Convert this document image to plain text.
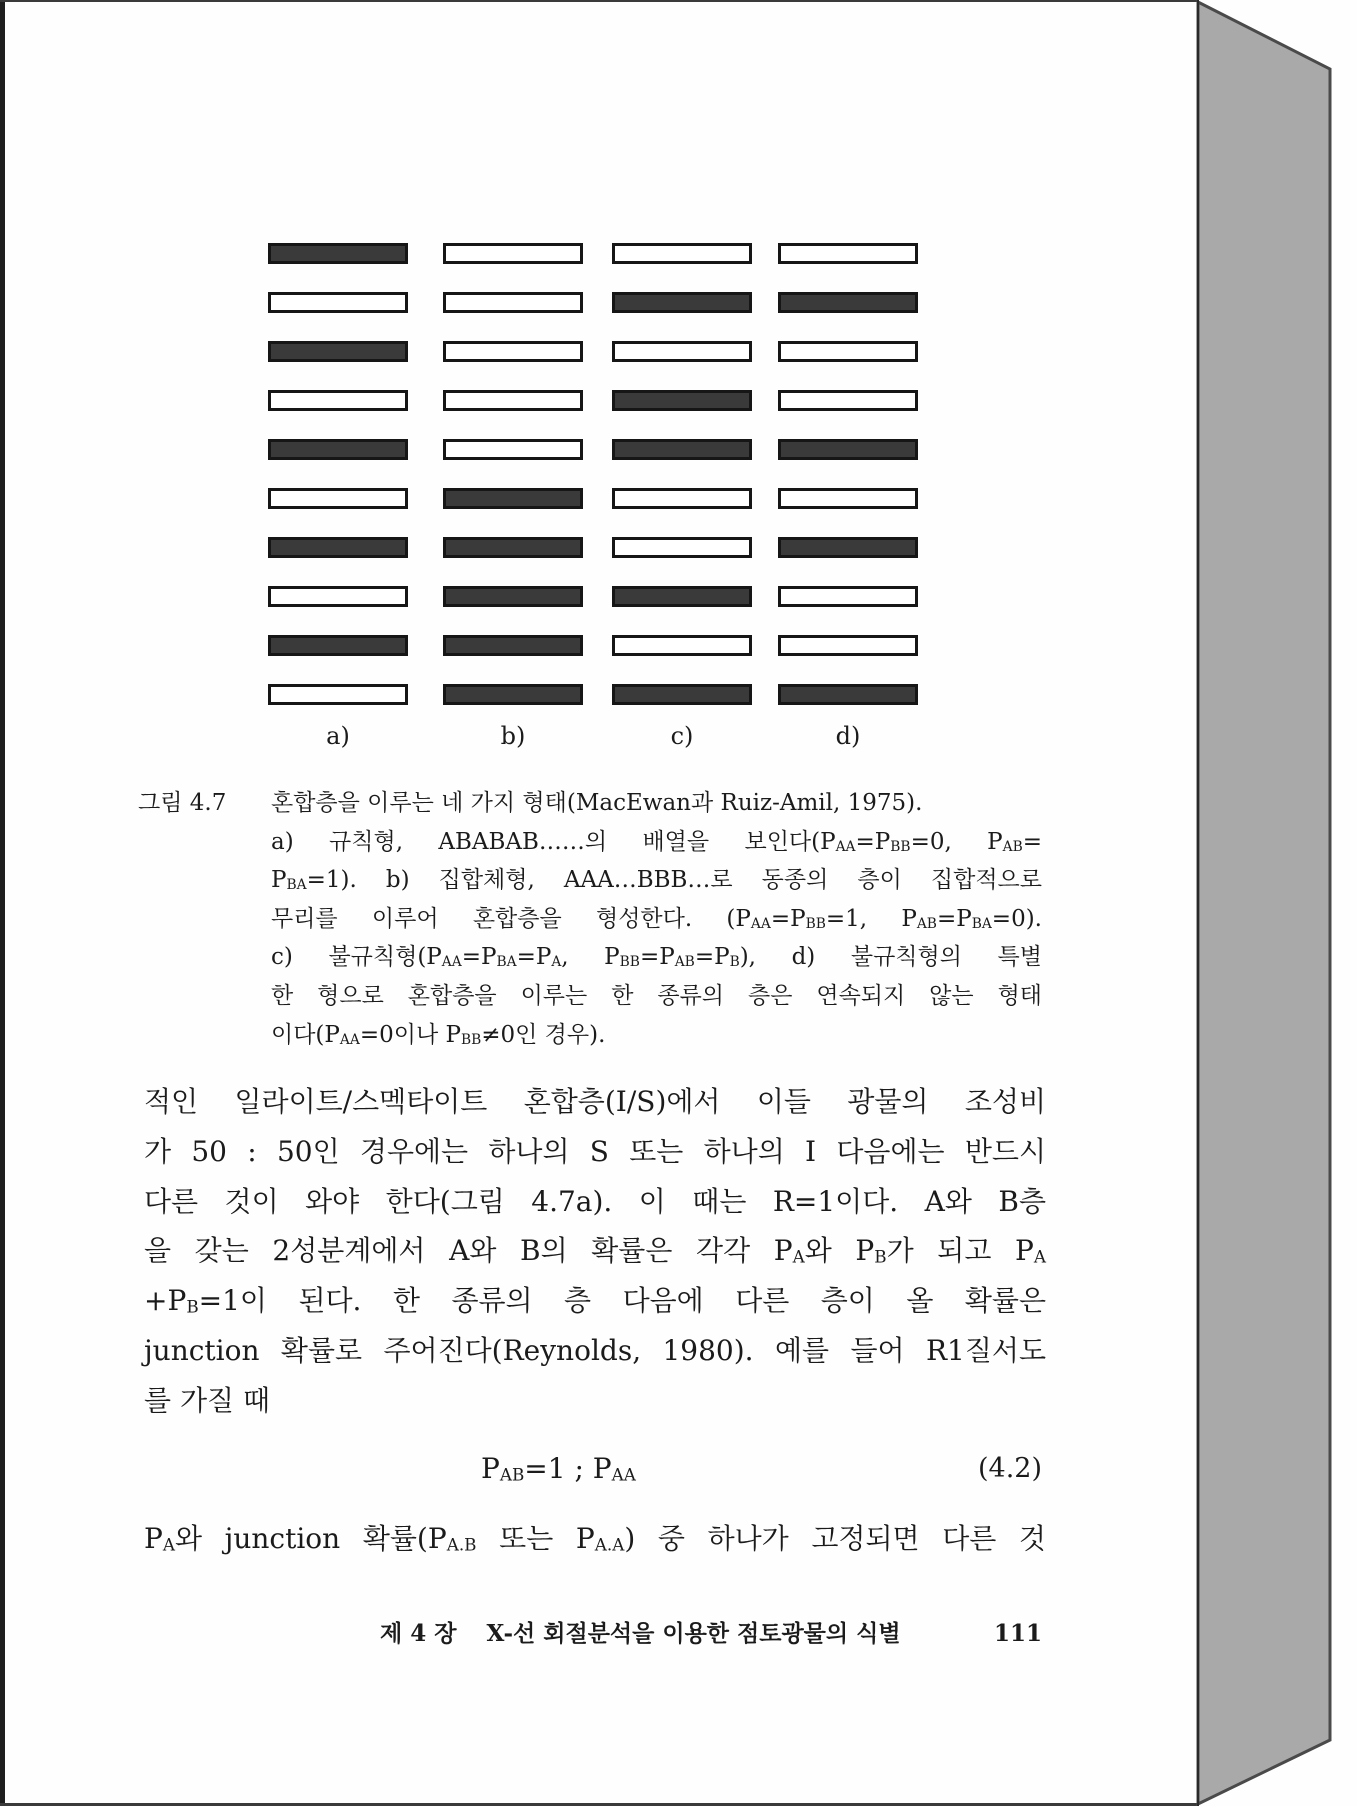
a)	b)	c)	d)
그림 4.7 혼합층을 이루는 네 가지 형태(MacEwan과 Ruiz-Amil, 1975).
a) 규칙형, ABABAB……의 배열을 보인다($P_{AA}=P_{BB}=0$, $P_{AB}=$
$P_{BA}=1$). b) 집합체형, AAA…BBB…로 동종의 층이 집합적으로
무리를 이루어 혼합층을 형성한다. ($P_{AA}=P_{BB}=1$, $P_{AB}=P_{BA}=0$).
c) 불규칙형($P_{AA}=P_{BA}=P_A$, $P_{BB}=P_{AB}=P_B$), d) 불규칙형의 특별
한 형으로 혼합층을 이루는 한 종류의 층은 연속되지 않는 형태
이다($P_{AA}=0$이나 $P_{BB}\ne 0$인 경우).
적인 일라이트/스멕타이트 혼합층(I/S)에서 이들 광물의 조성비
가 50 : 50인 경우에는 하나의 S 또는 하나의 I 다음에는 반드시
다른 것이 와야 한다(그림 4.7a). 이 때는 R=1이다. A와 B층
을 갖는 2성분계에서 A와 B의 확률은 각각 $P_A$와 $P_B$가 되고 $P_A$
$+P_B=1$이 된다. 한 종류의 층 다음에 다른 층이 올 확률은
junction 확률로 주어진다(Reynolds, 1980). 예를 들어 R1질서도
를 가질 때
$P_{AB}=1$ ; $P_{AA}$	(4.2)
$P_A$와 junction 확률($P_{A.B}$ 또는 $P_{A.A}$) 중 하나가 고정되면 다른 것
제 4 장 X-선 회절분석을 이용한 점토광물의 식별	111
